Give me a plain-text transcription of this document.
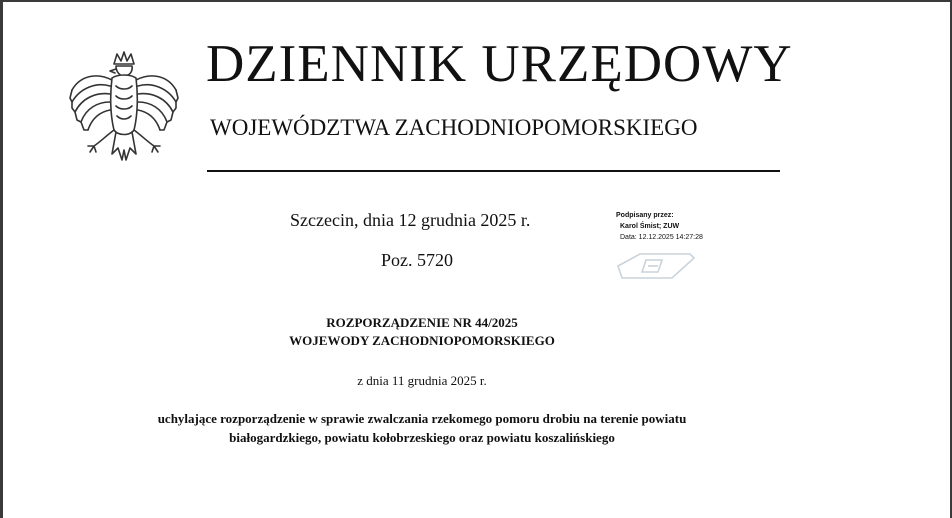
DZIENNIK URZĘDOWY
WOJEWÓDZTWA ZACHODNIOPOMORSKIEGO
Szczecin, dnia 12 grudnia 2025 r.
Poz. 5720
Podpisany przez:
Karol Śmist; ZUW
Data: 12.12.2025 14:27:28
ROZPORZĄDZENIE NR 44/2025
WOJEWODY ZACHODNIOPOMORSKIEGO
z dnia 11 grudnia 2025 r.
uchylające rozporządzenie w sprawie zwalczania rzekomego pomoru drobiu na terenie powiatu
białogardzkiego, powiatu kołobrzeskiego oraz powiatu koszalińskiego
